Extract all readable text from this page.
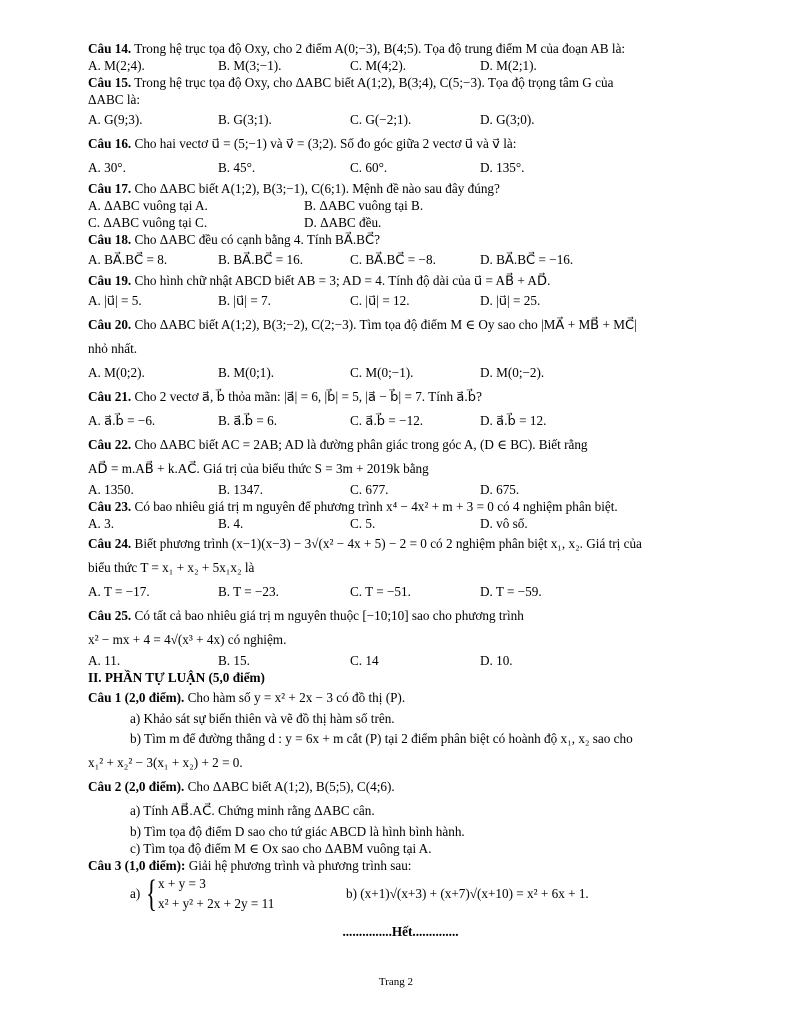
Câu 14. Trong hệ trục tọa độ Oxy, cho 2 điểm A(0;−3), B(4;5). Tọa độ trung điểm M của đoạn AB là:
A. M(2;4).	B. M(3;−1).	C. M(4;2).	D. M(2;1).
Câu 15. Trong hệ trục tọa độ Oxy, cho ΔABC biết A(1;2), B(3;4), C(5;−3). Tọa độ trọng tâm G của
ΔABC là:
A. G(9;3).	B. G(3;1).	C. G(−2;1).	D. G(3;0).
Câu 16. Cho hai vectơ u⃗ = (5;−1) và v⃗ = (3;2). Số đo góc giữa 2 vectơ u⃗ và v⃗ là:
A. 30°.	B. 45°.	C. 60°.	D. 135°.
Câu 17. Cho ΔABC biết A(1;2), B(3;−1), C(6;1). Mệnh đề nào sau đây đúng?
A. ΔABC vuông tại A.	B. ΔABC vuông tại B.
C. ΔABC vuông tại C.	D. ΔABC đều.
Câu 18. Cho ΔABC đều có cạnh bằng 4. Tính BA⃗.BC⃗?
A. BA⃗.BC⃗ = 8.	B. BA⃗.BC⃗ = 16.	C. BA⃗.BC⃗ = −8.	D. BA⃗.BC⃗ = −16.
Câu 19. Cho hình chữ nhật ABCD biết AB = 3; AD = 4. Tính độ dài của u⃗ = AB⃗ + AD⃗.
A. |u⃗| = 5.	B. |u⃗| = 7.	C. |u⃗| = 12.	D. |u⃗| = 25.
Câu 20. Cho ΔABC biết A(1;2), B(3;−2), C(2;−3). Tìm tọa độ điểm M ∈ Oy sao cho |MA⃗ + MB⃗ + MC⃗|
nhỏ nhất.
A. M(0;2).	B. M(0;1).	C. M(0;−1).	D. M(0;−2).
Câu 21. Cho 2 vectơ a⃗, b⃗ thỏa mãn: |a⃗| = 6, |b⃗| = 5, |a⃗ − b⃗| = 7. Tính a⃗.b⃗?
A. a⃗.b⃗ = −6.	B. a⃗.b⃗ = 6.	C. a⃗.b⃗ = −12.	D. a⃗.b⃗ = 12.
Câu 22. Cho ΔABC biết AC = 2AB; AD là đường phân giác trong góc A, (D ∈ BC). Biết rằng
AD⃗ = m.AB⃗ + k.AC⃗. Giá trị của biểu thức S = 3m + 2019k bằng
A. 1350.	B. 1347.	C. 677.	D. 675.
Câu 23. Có bao nhiêu giá trị m nguyên để phương trình x⁴ − 4x² + m + 3 = 0 có 4 nghiệm phân biệt.
A. 3.	B. 4.	C. 5.	D. vô số.
Câu 24. Biết phương trình (x−1)(x−3) − 3√(x² − 4x + 5) − 2 = 0 có 2 nghiệm phân biệt x₁, x₂. Giá trị của
biểu thức T = x₁ + x₂ + 5x₁x₂ là
A. T = −17.	B. T = −23.	C. T = −51.	D. T = −59.
Câu 25. Có tất cả bao nhiêu giá trị m nguyên thuộc [−10;10] sao cho phương trình
x² − mx + 4 = 4√(x³ + 4x) có nghiệm.
A. 11.	B. 15.	C. 14	D. 10.
II. PHẦN TỰ LUẬN (5,0 điểm)
Câu 1 (2,0 điểm). Cho hàm số y = x² + 2x − 3 có đồ thị (P).
a) Khảo sát sự biến thiên và vẽ đồ thị hàm số trên.
b) Tìm m để đường thẳng d : y = 6x + m cắt (P) tại 2 điểm phân biệt có hoành độ x₁, x₂ sao cho
x₁² + x₂² − 3(x₁ + x₂) + 2 = 0.
Câu 2 (2,0 điểm). Cho ΔABC biết A(1;2), B(5;5), C(4;6).
a) Tính AB⃗.AC⃗. Chứng minh rằng ΔABC cân.
b) Tìm tọa độ điểm D sao cho tứ giác ABCD là hình bình hành.
c) Tìm tọa độ điểm M ∈ Ox sao cho ΔABM vuông tại A.
Câu 3 (1,0 điểm): Giải hệ phương trình và phương trình sau:
a) { x + y = 3
x² + y² + 2x + 2y = 11
b) (x+1)√(x+3) + (x+7)√(x+10) = x² + 6x + 1.
...............Hết..............
Trang 2
